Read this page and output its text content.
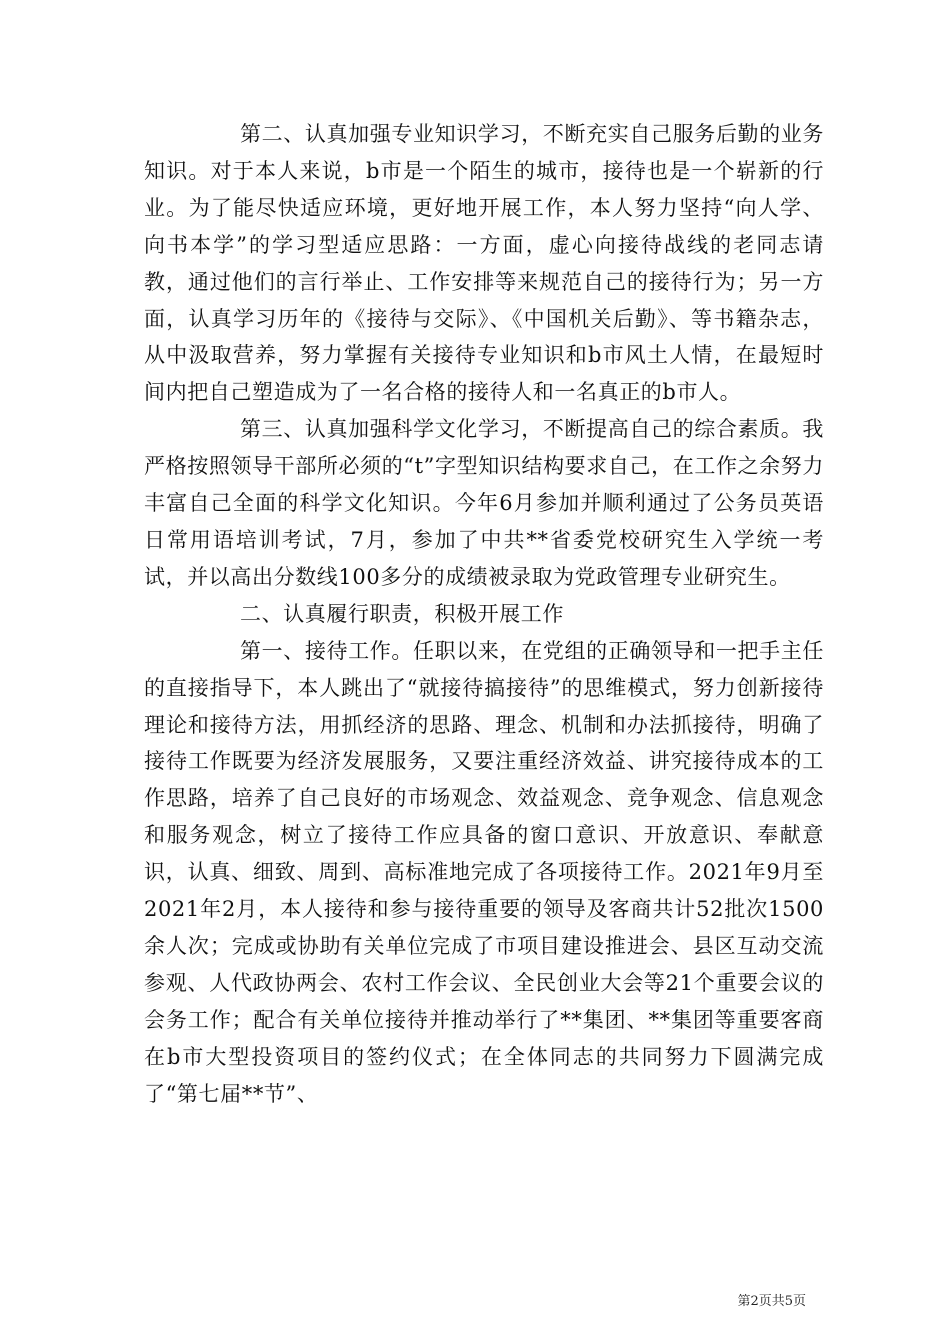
第二、认真加强专业知识学习，不断充实自己服务后勤的业务知识。对于本人来说，b市是一个陌生的城市，接待也是一个崭新的行业。为了能尽快适应环境，更好地开展工作，本人努力坚持“向人学、向书本学”的学习型适应思路：一方面，虚心向接待战线的老同志请教，通过他们的言行举止、工作安排等来规范自己的接待行为；另一方面，认真学习历年的《接待与交际》、《中国机关后勤》、等书籍杂志，从中汲取营养，努力掌握有关接待专业知识和b市风土人情，在最短时间内把自己塑造成为了一名合格的接待人和一名真正的b市人。

第三、认真加强科学文化学习，不断提高自己的综合素质。我严格按照领导干部所必须的“t”字型知识结构要求自己，在工作之余努力丰富自己全面的科学文化知识。今年6月参加并顺利通过了公务员英语日常用语培训考试，7月，参加了中共**省委党校研究生入学统一考试，并以高出分数线100多分的成绩被录取为党政管理专业研究生。

二、认真履行职责，积极开展工作

第一、接待工作。任职以来，在党组的正确领导和一把手主任的直接指导下，本人跳出了“就接待搞接待”的思维模式，努力创新接待理论和接待方法，用抓经济的思路、理念、机制和办法抓接待，明确了接待工作既要为经济发展服务，又要注重经济效益、讲究接待成本的工作思路，培养了自己良好的市场观念、效益观念、竞争观念、信息观念和服务观念，树立了接待工作应具备的窗口意识、开放意识、奉献意识，认真、细致、周到、高标准地完成了各项接待工作。2021年9月至2021年2月，本人接待和参与接待重要的领导及客商共计52批次1500余人次；完成或协助有关单位完成了市项目建设推进会、县区互动交流参观、人代政协两会、农村工作会议、全民创业大会等21个重要会议的会务工作；配合有关单位接待并推动举行了**集团、**集团等重要客商在b市大型投资项目的签约仪式；在全体同志的共同努力下圆满完成了“第七届**节”、

第2页共5页
